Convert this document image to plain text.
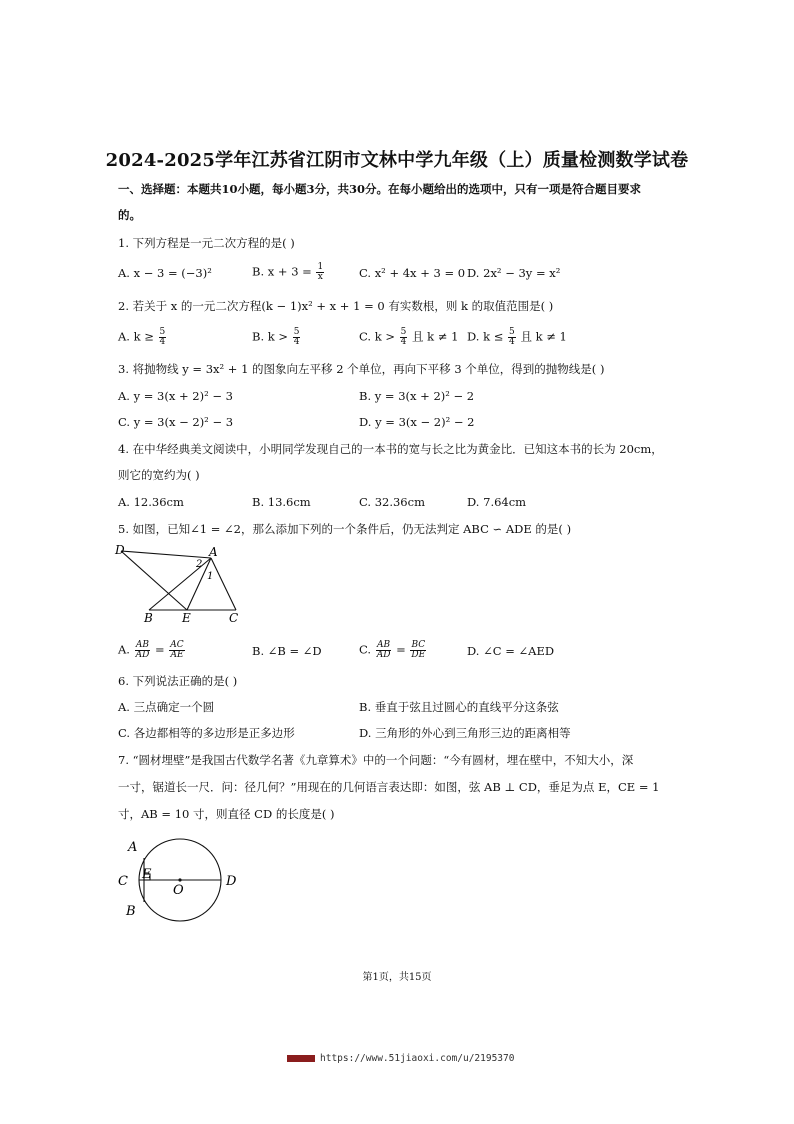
2024-2025学年江苏省江阴市文林中学九年级（上）质量检测数学试卷
一、选择题：本题共10小题，每小题3分，共30分。在每小题给出的选项中，只有一项是符合题目要求
的。
1. 下列方程是一元二次方程的是( )
A. x − 3 = (−3)²	B. $x + 3 = \frac{1}{x}$	C. x² + 4x + 3 = 0 D. 2x² − 3y = x²
2. 若关于 x 的一元二次方程(k − 1)x² + x + 1 = 0 有实数根，则 k 的取值范围是( )
A. $k \ge \frac{5}{4}$	B. $k > \frac{5}{4}$	C. $k > \frac{5}{4}$ 且 k ≠ 1 D. $k \le \frac{5}{4}$ 且 k ≠ 1
3. 将抛物线 y = 3x² + 1 的图象向左平移 2 个单位，再向下平移 3 个单位，得到的抛物线是( )
A. y = 3(x + 2)² − 3	B. y = 3(x + 2)² − 2
C. y = 3(x − 2)² − 3	D. y = 3(x − 2)² − 2
4. 在中华经典美文阅读中，小明同学发现自己的一本书的宽与长之比为黄金比．已知这本书的长为 20cm，
则它的宽约为( )
A. 12.36cm	B. 13.6cm	C. 32.36cm	D. 7.64cm
5. 如图，已知∠1 = ∠2，那么添加下列的一个条件后，仍无法判定 ABC ∽ ADE 的是( )
D	A
2
1
B E	C
A. $\frac{AB}{AD} = \frac{AC}{AE}$	B. ∠B = ∠D	C. $\frac{AB}{AD} = \frac{BC}{DE}$	D. ∠C = ∠AED
6. 下列说法正确的是( )
A. 三点确定一个圆	B. 垂直于弦且过圆心的直线平分这条弦
C. 各边都相等的多边形是正多边形	D. 三角形的外心到三角形三边的距离相等
7. “圆材埋壁”是我国古代数学名著《九章算术》中的一个问题：“今有圆材，埋在壁中，不知大小，深
一寸，锯道长一尺．问：径几何？”用现在的几何语言表达即：如图，弦 AB ⊥ CD，垂足为点 E，CE = 1
寸，AB = 10 寸，则直径 CD 的长度是( )
A
C E
O
D
B
第1页，共15页
https://www.51jiaoxi.com/u/2195370
